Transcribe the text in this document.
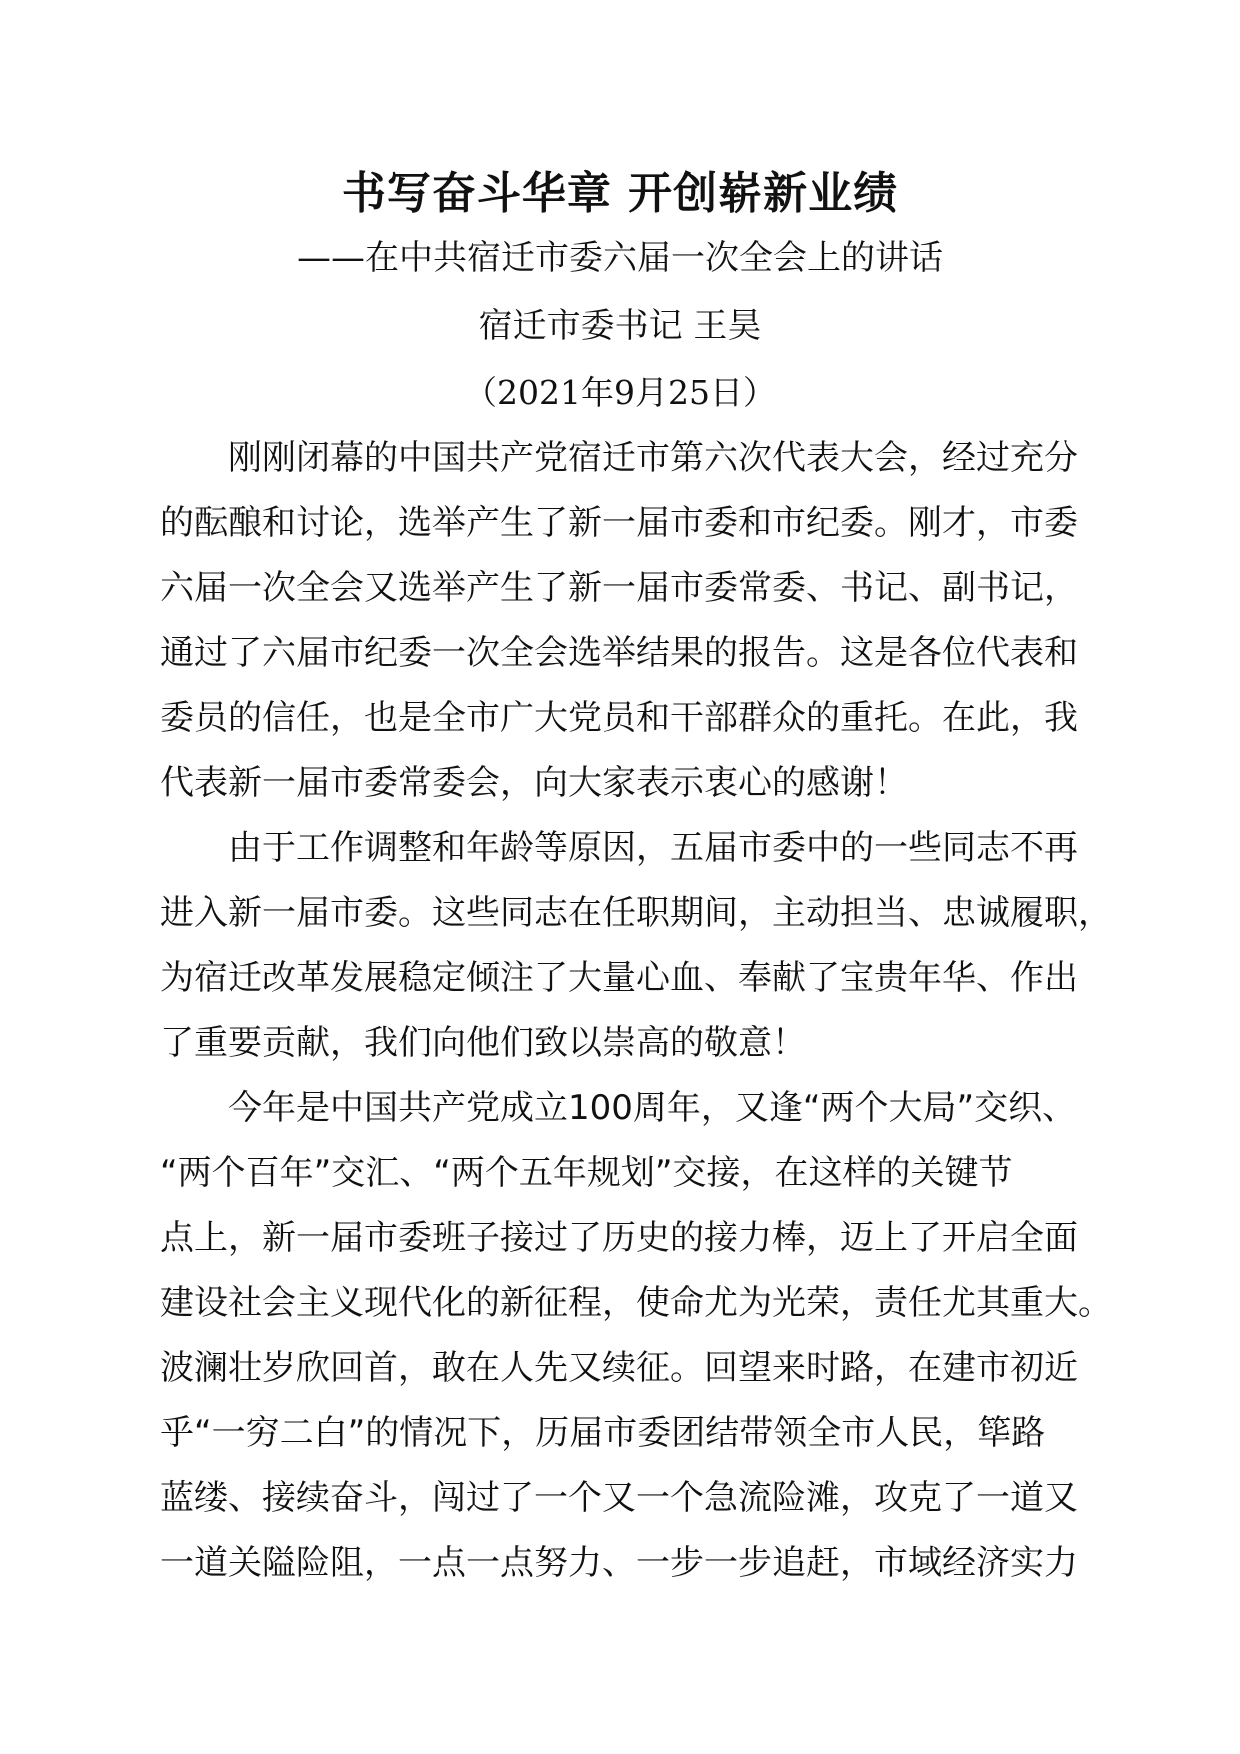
书写奋斗华章 开创崭新业绩
——在中共宿迁市委六届一次全会上的讲话
宿迁市委书记 王昊
（2021年9月25日）
刚刚闭幕的中国共产党宿迁市第六次代表大会，经过充分
的酝酿和讨论，选举产生了新一届市委和市纪委。刚才，市委
六届一次全会又选举产生了新一届市委常委、书记、副书记，
通过了六届市纪委一次全会选举结果的报告。这是各位代表和
委员的信任，也是全市广大党员和干部群众的重托。在此，我
代表新一届市委常委会，向大家表示衷心的感谢！
由于工作调整和年龄等原因，五届市委中的一些同志不再
进入新一届市委。这些同志在任职期间，主动担当、忠诚履职，
为宿迁改革发展稳定倾注了大量心血、奉献了宝贵年华、作出
了重要贡献，我们向他们致以崇高的敬意！
今年是中国共产党成立100周年，又逢“两个大局”交织、
“两个百年”交汇、“两个五年规划”交接，在这样的关键节
点上，新一届市委班子接过了历史的接力棒，迈上了开启全面
建设社会主义现代化的新征程，使命尤为光荣，责任尤其重大。
波澜壮岁欣回首，敢在人先又续征。回望来时路，在建市初近
乎“一穷二白”的情况下，历届市委团结带领全市人民，筚路
蓝缕、接续奋斗，闯过了一个又一个急流险滩，攻克了一道又
一道关隘险阻，一点一点努力、一步一步追赶，市域经济实力
